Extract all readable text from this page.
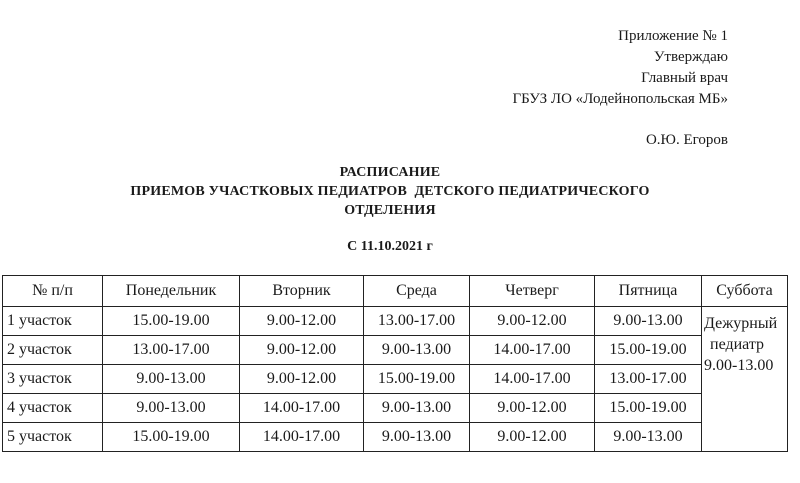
Приложение № 1
Утверждаю
Главный врач
ГБУЗ ЛО «Лодейнопольская МБ»
О.Ю. Егоров
РАСПИСАНИЕ
ПРИЕМОВ УЧАСТКОВЫХ ПЕДИАТРОВ  ДЕТСКОГО ПЕДИАТРИЧЕСКОГО
ОТДЕЛЕНИЯ
С 11.10.2021 г
№ п/п	Понедельник	Вторник	Среда	Четверг	Пятница	Суббота
1 участок	15.00-19.00	9.00-12.00	13.00-17.00	9.00-12.00	9.00-13.00	Дежурный
педиатр
9.00-13.00

2 участок	13.00-17.00	9.00-12.00	9.00-13.00	14.00-17.00	15.00-19.00	
3 участок	9.00-13.00	9.00-12.00	15.00-19.00	14.00-17.00	13.00-17.00	
4 участок	9.00-13.00	14.00-17.00	9.00-13.00	9.00-12.00	15.00-19.00	
5 участок	15.00-19.00	14.00-17.00	9.00-13.00	9.00-12.00	9.00-13.00	
